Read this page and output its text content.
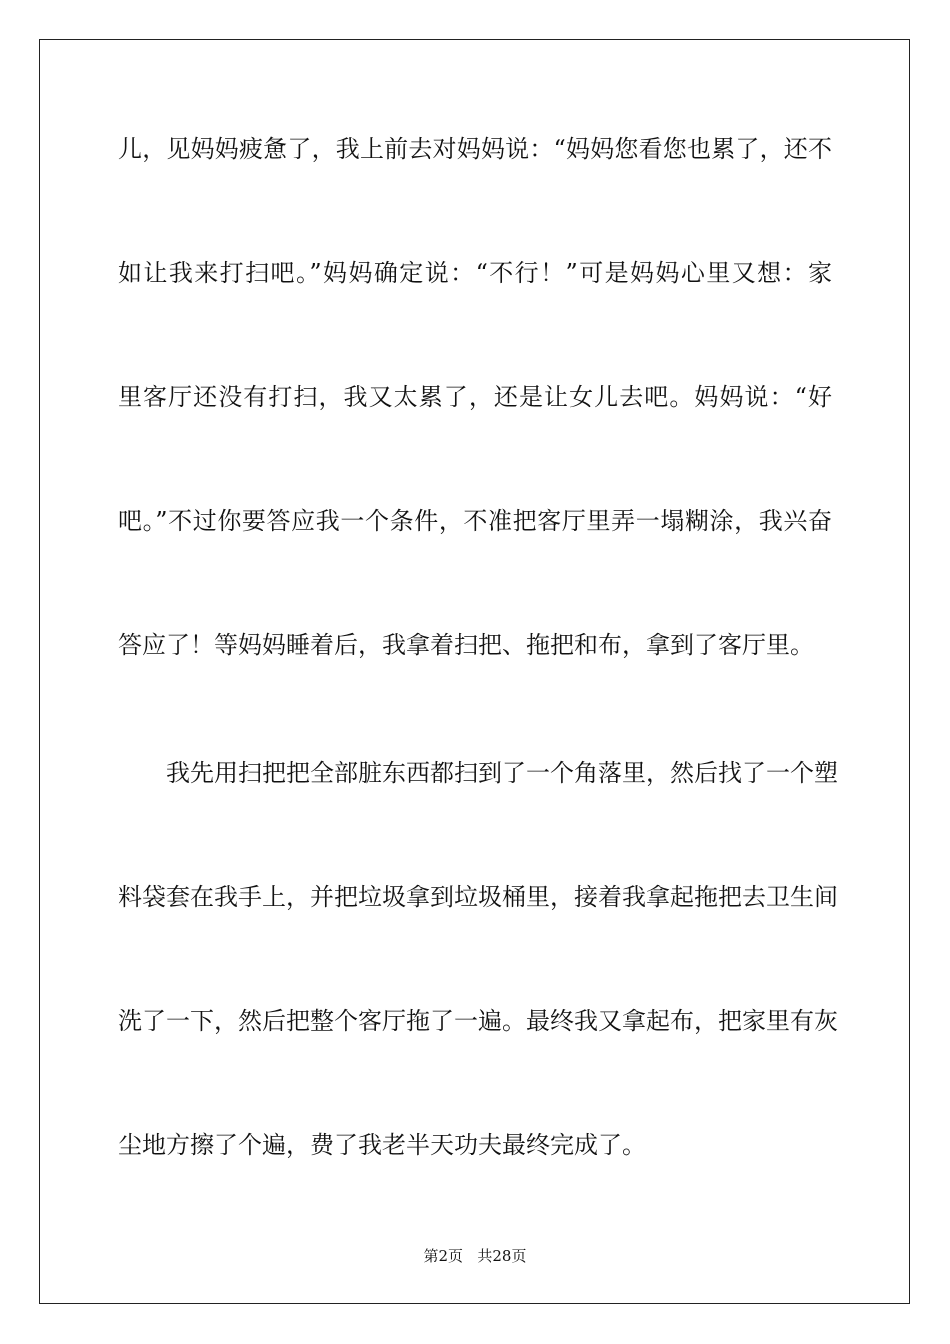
儿，见妈妈疲惫了，我上前去对妈妈说：“妈妈您看您也累了，还不
如让我来打扫吧。”妈妈确定说：“不行！”可是妈妈心里又想：家
里客厅还没有打扫，我又太累了，还是让女儿去吧。妈妈说：“好
吧。”不过你要答应我一个条件，不准把客厅里弄一塌糊涂，我兴奋
答应了！等妈妈睡着后，我拿着扫把、拖把和布，拿到了客厅里。
我先用扫把把全部脏东西都扫到了一个角落里，然后找了一个塑
料袋套在我手上，并把垃圾拿到垃圾桶里，接着我拿起拖把去卫生间
洗了一下，然后把整个客厅拖了一遍。最终我又拿起布，把家里有灰
尘地方擦了个遍，费了我老半天功夫最终完成了。
第2页 共28页
